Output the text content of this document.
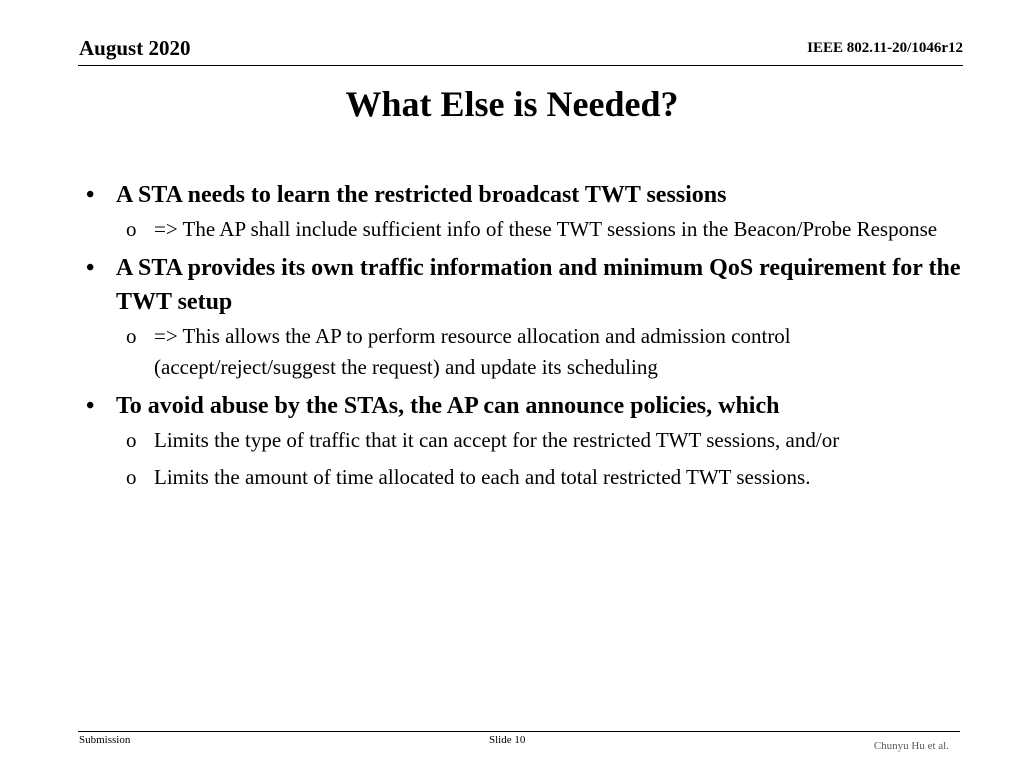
August 2020	IEEE 802.11-20/1046r12
What Else is Needed?
• A STA needs to learn the restricted broadcast TWT sessions
o => The AP shall include sufficient info of these TWT sessions in the Beacon/Probe Response
• A STA provides its own traffic information and minimum QoS requirement for the TWT setup
o => This allows the AP to perform resource allocation and admission control (accept/reject/suggest the request) and update its scheduling
• To avoid abuse by the STAs, the AP can announce policies, which
o Limits the type of traffic that it can accept for the restricted TWT sessions, and/or
o Limits the amount of time allocated to each and total restricted TWT sessions.
Submission	Slide 10	Chunyu Hu et al.
